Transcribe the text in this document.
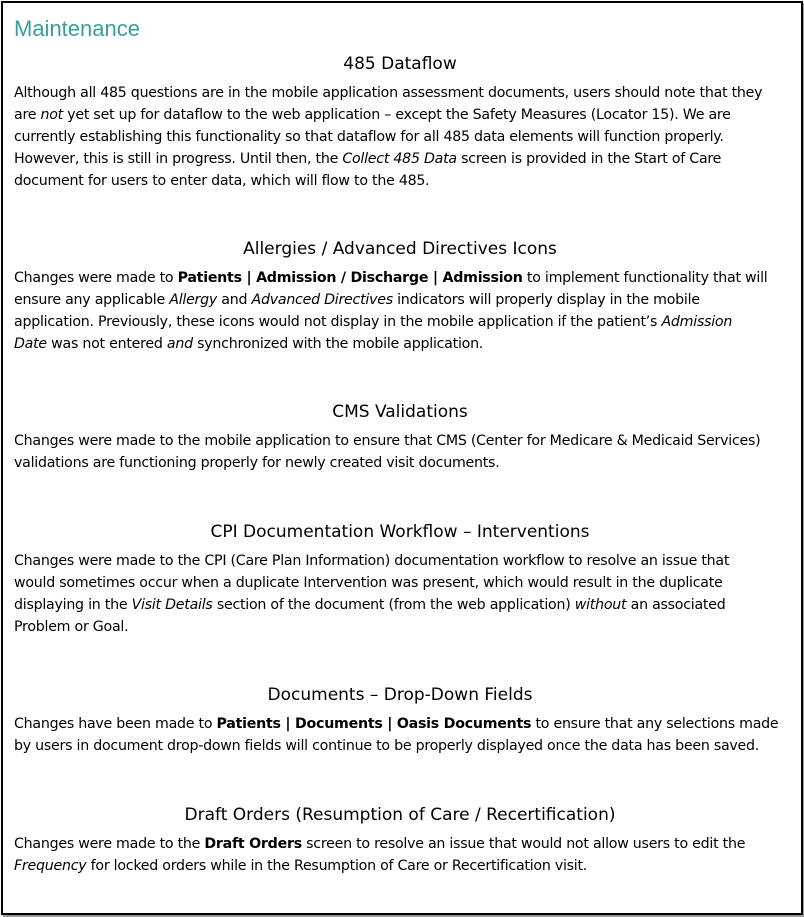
Maintenance
485 Dataflow

Although all 485 questions are in the mobile application assessment documents, users should note that they
are not yet set up for dataflow to the web application – except the Safety Measures (Locator 15). We are
currently establishing this functionality so that dataflow for all 485 data elements will function properly.
However, this is still in progress. Until then, the Collect 485 Data screen is provided in the Start of Care
document for users to enter data, which will flow to the 485.

Allergies / Advanced Directives Icons

Changes were made to Patients | Admission / Discharge | Admission to implement functionality that will
ensure any applicable Allergy and Advanced Directives indicators will properly display in the mobile
application. Previously, these icons would not display in the mobile application if the patient’s Admission
Date was not entered and synchronized with the mobile application.

CMS Validations

Changes were made to the mobile application to ensure that CMS (Center for Medicare & Medicaid Services)
validations are functioning properly for newly created visit documents.

CPI Documentation Workflow – Interventions

Changes were made to the CPI (Care Plan Information) documentation workflow to resolve an issue that
would sometimes occur when a duplicate Intervention was present, which would result in the duplicate
displaying in the Visit Details section of the document (from the web application) without an associated
Problem or Goal.

Documents – Drop-Down Fields

Changes have been made to Patients | Documents | Oasis Documents to ensure that any selections made
by users in document drop-down fields will continue to be properly displayed once the data has been saved.

Draft Orders (Resumption of Care / Recertification)

Changes were made to the Draft Orders screen to resolve an issue that would not allow users to edit the
Frequency for locked orders while in the Resumption of Care or Recertification visit.
